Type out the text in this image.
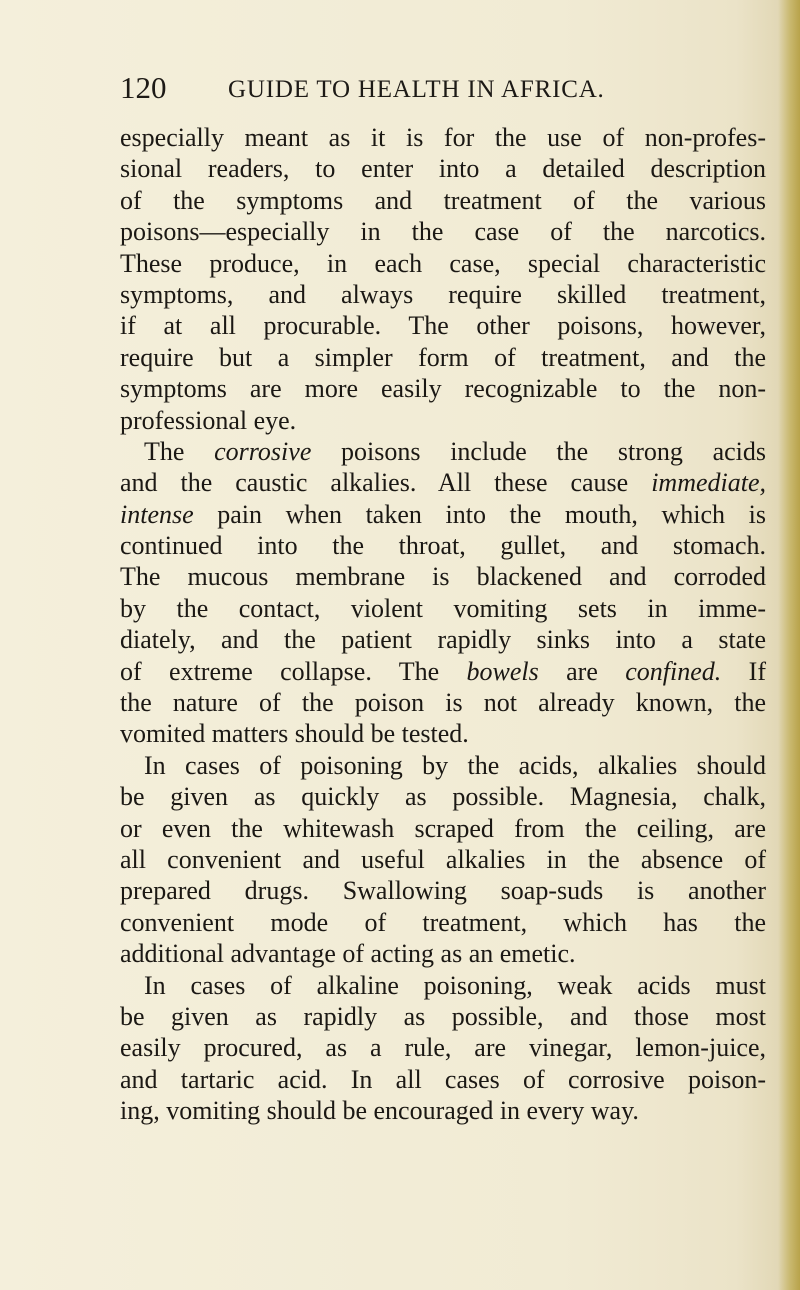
120 GUIDE TO HEALTH IN AFRICA.
especially meant as it is for the use of non-profes-
sional readers, to enter into a detailed description
of the symptoms and treatment of the various
poisons—especially in the case of the narcotics.
These produce, in each case, special characteristic
symptoms, and always require skilled treatment,
if at all procurable. The other poisons, however,
require but a simpler form of treatment, and the
symptoms are more easily recognizable to the non-
professional eye.
The corrosive poisons include the strong acids
and the caustic alkalies. All these cause immediate,
intense pain when taken into the mouth, which is
continued into the throat, gullet, and stomach.
The mucous membrane is blackened and corroded
by the contact, violent vomiting sets in imme-
diately, and the patient rapidly sinks into a state
of extreme collapse. The bowels are confined. If
the nature of the poison is not already known, the
vomited matters should be tested.
In cases of poisoning by the acids, alkalies should
be given as quickly as possible. Magnesia, chalk,
or even the whitewash scraped from the ceiling, are
all convenient and useful alkalies in the absence of
prepared drugs. Swallowing soap-suds is another
convenient mode of treatment, which has the
additional advantage of acting as an emetic.
In cases of alkaline poisoning, weak acids must
be given as rapidly as possible, and those most
easily procured, as a rule, are vinegar, lemon-juice,
and tartaric acid. In all cases of corrosive poison-
ing, vomiting should be encouraged in every way.
